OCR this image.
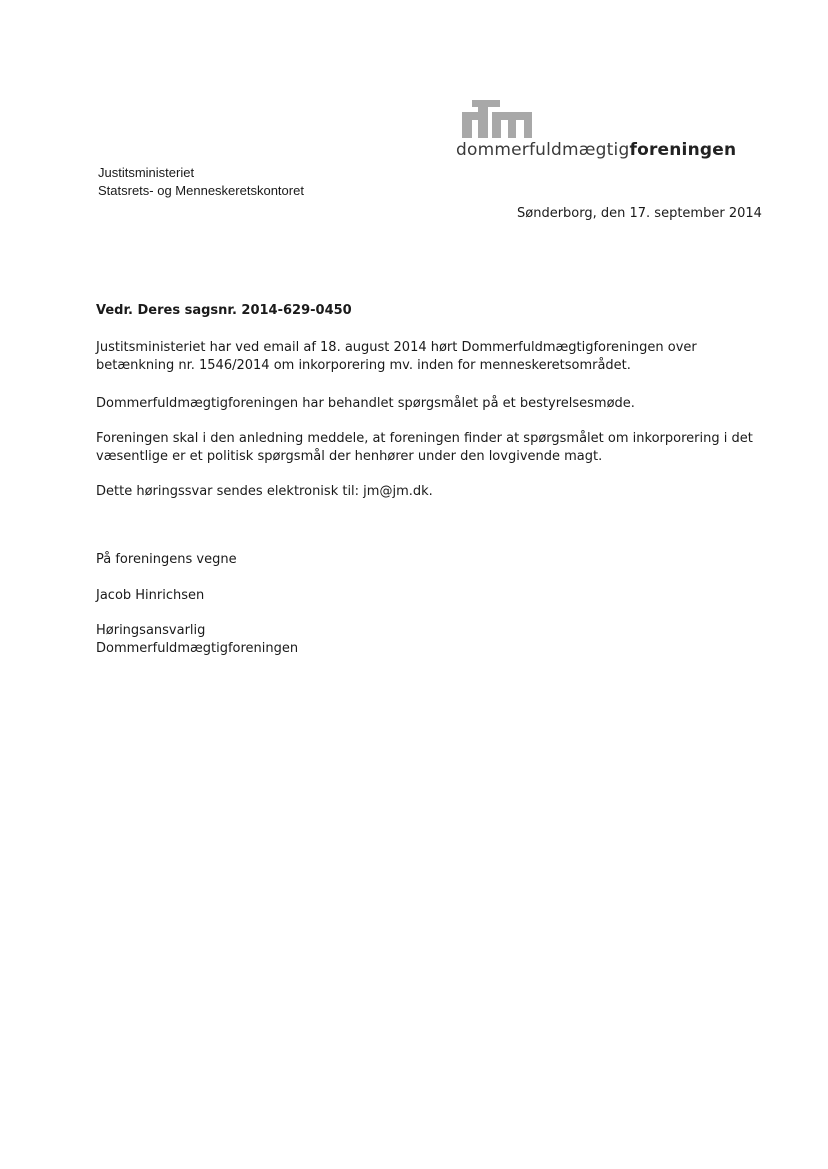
dommerfuldmægtigforeningen
Justitsministeriet
Statsrets- og Menneskeretskontoret
Sønderborg, den 17. september 2014
Vedr. Deres sagsnr. 2014-629-0450
Justitsministeriet har ved email af 18. august 2014 hørt Dommerfuldmægtigforeningen over betænkning nr. 1546/2014 om inkorporering mv. inden for menneskeretsområdet.
Dommerfuldmægtigforeningen har behandlet spørgsmålet på et bestyrelsesmøde.
Foreningen skal i den anledning meddele, at foreningen finder at spørgsmålet om inkorporering i det væsentlige er et politisk spørgsmål der henhører under den lovgivende magt.
Dette høringssvar sendes elektronisk til: jm@jm.dk.
På foreningens vegne
Jacob Hinrichsen
Høringsansvarlig
Dommerfuldmægtigforeningen
